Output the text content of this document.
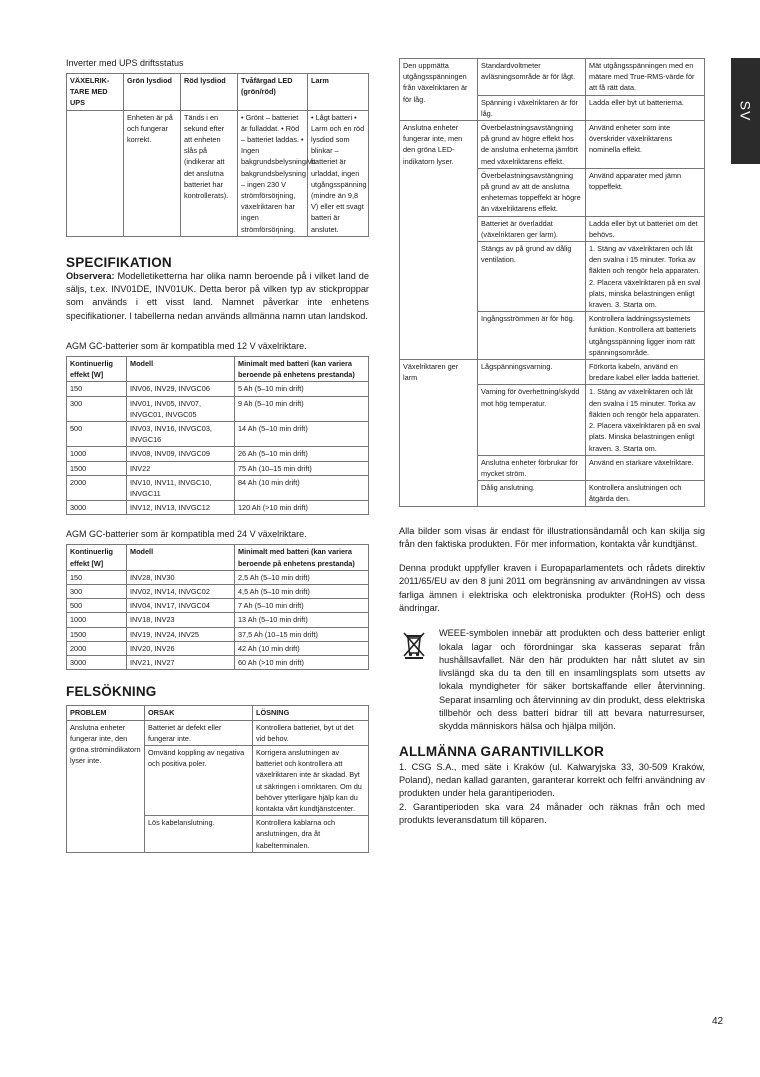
SV
Inverter med UPS driftsstatus
VÄXELRIK-TARE MED UPS	Grön lysdiod	Röd lysdiod	Tvåfärgad LED (grön/röd)	Larm
	Enheten är på och fungerar korrekt.	Tänds i en sekund efter att enheten slås på (indikerar att det anslutna batteriet har kontrollerats).	• Grönt – batteriet är fulladdat. • Röd – batteriet laddas. • Ingen bakgrundsbelysning/vit bakgrundsbelysning – ingen 230 V strömförsörjning, växelriktaren har ingen strömförsörjning.	• Lågt batteri • Larm och en röd lysdiod som blinkar – batteriet är urladdat, ingen utgångsspänning (mindre än 9,8 V) eller ett svagt batteri är anslutet.
SPECIFIKATION

Observera: Modelletiketterna har olika namn beroende på i vilket land de säljs, t.ex. INV01DE, INV01UK. Detta beror på vilken typ av stickproppar som används i ett visst land. Namnet påverkar inte enhetens specifikationer. I tabellerna nedan används allmänna namn utan landskod.

AGM GC-batterier som är kompatibla med 12 V växelriktare.
Kontinuerlig effekt [W]	Modell	Minimalt med batteri (kan variera beroende på enhetens prestanda)
150	INV06, INV29, INVGC06	5 Ah (5–10 min drift)
300	INV01, INV05, INV07, INVGC01, INVGC05	9 Ah (5–10 min drift)
500	INV03, INV16, INVGC03, INVGC16	14 Ah (5–10 min drift)
1000	INV08, INV09, INVGC09	26 Ah (5–10 min drift)
1500	INV22	75 Ah (10–15 min drift)
2000	INV10, INV11, INVGC10, INVGC11	84 Ah (10 min drift)
3000	INV12, INV13, INVGC12	120 Ah (>10 min drift)
AGM GC-batterier som är kompatibla med 24 V växelriktare.
Kontinuerlig effekt [W]	Modell	Minimalt med batteri (kan variera beroende på enhetens prestanda)
150	INV28, INV30	2,5 Ah (5–10 min drift)
300	INV02, INV14, INVGC02	4,5 Ah (5–10 min drift)
500	INV04, INV17, INVGC04	7 Ah (5–10 min drift)
1000	INV18, INV23	13 Ah (5–10 min drift)
1500	INV19, INV24, INV25	37,5 Ah (10–15 min drift)
2000	INV20, INV26	42 Ah (10 min drift)
3000	INV21, INV27	60 Ah (>10 min drift)
FELSÖKNING
PROBLEM	ORSAK	LÖSNING
Anslutna enheter fungerar inte, den gröna strömindikatorn lyser inte.	Batteriet är defekt eller fungerar inte.	Kontrollera batteriet, byt ut det vid behov.
	Omvänd koppling av negativa och positiva poler.	Korrigera anslutningen av batteriet och kontrollera att växelriktaren inte är skadad. Byt ut säkringen i omriktaren. Om du behöver ytterligare hjälp kan du kontakta vårt kundtjänstcenter.
	Lös kabelanslutning.	Kontrollera kablarna och anslutningen, dra åt kabelterminalen.
Den uppmätta utgångsspänningen från växelriktaren är för låg.	Standardvoltmeter avläsningsområde är för lågt.	Mät utgångsspänningen med en mätare med True-RMS-värde för att få rätt data.
	Spänning i växelriktaren är för låg.	Ladda eller byt ut batterierna.
Anslutna enheter fungerar inte, men den gröna LED-indikatorn lyser.	Överbelastningsavstängning på grund av högre effekt hos de anslutna enheterna jämfört med växelriktarens effekt.	Använd enheter som inte överskrider växelriktarens nominella effekt.
	Överbelastningsavstängning på grund av att de anslutna enheternas toppeffekt är högre än växelriktarens effekt.	Använd apparater med jämn toppeffekt.
	Batteriet är överladdat (växelriktaren ger larm).	Ladda eller byt ut batteriet om det behövs.
	Stängs av på grund av dålig ventilation.	1. Stäng av växelriktaren och låt den svalna i 15 minuter. Torka av fläkten och rengör hela apparaten. 2. Placera växelriktaren på en sval plats, minska belastningen enligt kraven. 3. Starta om.
	Ingångsströmmen är för hög.	Kontrollera laddningssystemets funktion. Kontrollera att batteriets utgångsspänning ligger inom rätt spänningsområde.
Växelriktaren ger larm	Lågspänningsvarning.	Förkorta kabeln, använd en bredare kabel eller ladda batteriet.
	Varning för överhettning/skydd mot hög temperatur.	1. Stäng av växelriktaren och låt den svalna i 15 minuter. Torka av fläkten och rengör hela apparaten. 2. Placera växelriktaren på en sval plats. Minska belastningen enligt kraven. 3. Starta om.
	Anslutna enheter förbrukar för mycket ström.	Använd en starkare växelriktare.
	Dålig anslutning.	Kontrollera anslutningen och åtgärda den.

Alla bilder som visas är endast för illustrationsändamål och kan skilja sig från den faktiska produkten. För mer information, kontakta vår kundtjänst.

Denna produkt uppfyller kraven i Europaparlamentets och rådets direktiv 2011/65/EU av den 8 juni 2011 om begränsning av användningen av vissa farliga ämnen i elektriska och elektroniska produkter (RoHS) och dess ändringar.

WEEE-symbolen innebär att produkten och dess batterier enligt lokala lagar och förordningar ska kasseras separat från hushållsavfallet. När den här produkten har nått slutet av sin livslängd ska du ta den till en insamlingsplats som utsetts av lokala myndigheter för säker bortskaffande eller återvinning. Separat insamling och återvinning av din produkt, dess elektriska tillbehör och dess batteri bidrar till att bevara naturresurser, skydda människors hälsa och hjälpa miljön.

ALLMÄNNA GARANTIVILLKOR

1. CSG S.A., med säte i Kraków (ul. Kalwaryjska 33, 30-509 Kraków, Poland), nedan kallad garanten, garanterar korrekt och felfri användning av produkten under hela garantiperioden.

2. Garantiperioden ska vara 24 månader och räknas från och med produkts leveransdatum till köparen.

42
